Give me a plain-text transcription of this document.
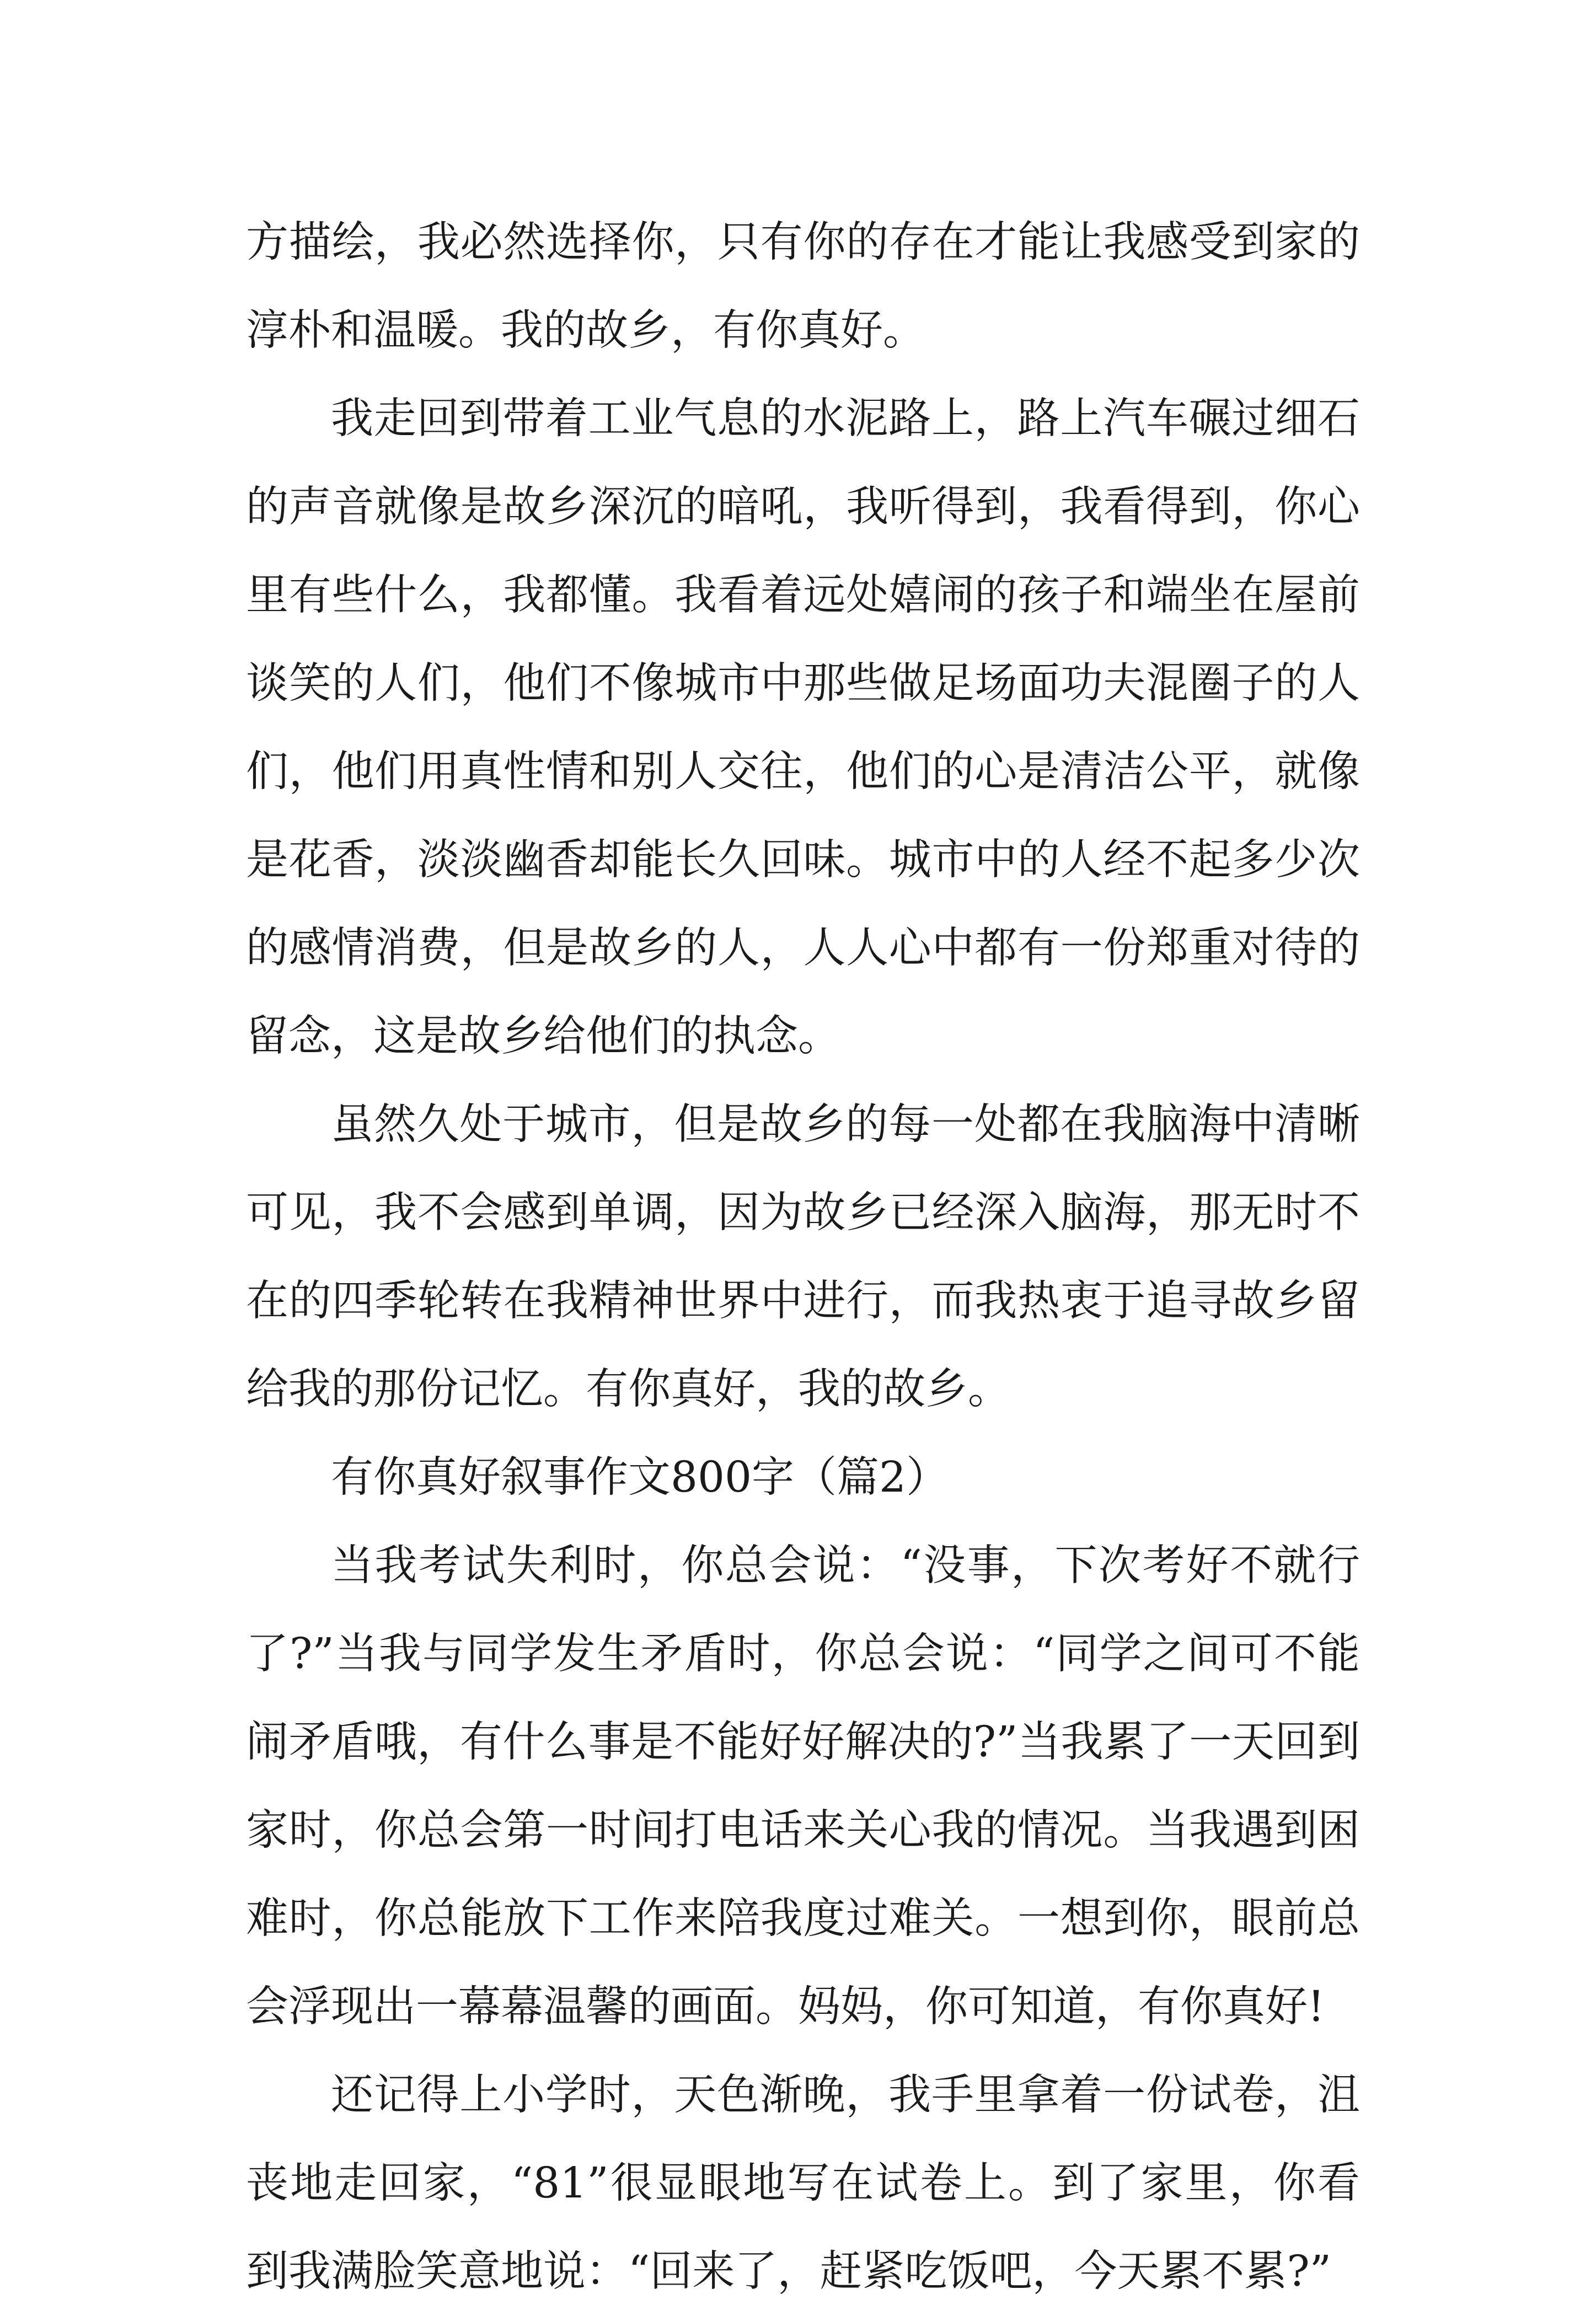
方描绘，我必然选择你，只有你的存在才能让我感受到家的淳朴和温暖。我的故乡，有你真好。

我走回到带着工业气息的水泥路上，路上汽车碾过细石的声音就像是故乡深沉的暗吼，我听得到，我看得到，你心里有些什么，我都懂。我看着远处嬉闹的孩子和端坐在屋前谈笑的人们，他们不像城市中那些做足场面功夫混圈子的人们，他们用真性情和别人交往，他们的心是清洁公平，就像是花香，淡淡幽香却能长久回味。城市中的人经不起多少次的感情消费，但是故乡的人，人人心中都有一份郑重对待的留念，这是故乡给他们的执念。

虽然久处于城市，但是故乡的每一处都在我脑海中清晰可见，我不会感到单调，因为故乡已经深入脑海，那无时不在的四季轮转在我精神世界中进行，而我热衷于追寻故乡留给我的那份记忆。有你真好，我的故乡。

有你真好叙事作文800字（篇2）

当我考试失利时，你总会说：“没事，下次考好不就行了?”当我与同学发生矛盾时，你总会说：“同学之间可不能闹矛盾哦，有什么事是不能好好解决的?”当我累了一天回到家时，你总会第一时间打电话来关心我的情况。当我遇到困难时，你总能放下工作来陪我度过难关。一想到你，眼前总会浮现出一幕幕温馨的画面。妈妈，你可知道，有你真好!

还记得上小学时，天色渐晚，我手里拿着一份试卷，沮丧地走回家，“81”很显眼地写在试卷上。到了家里，你看到我满脸笑意地说：“回来了，赶紧吃饭吧，今天累不累?”
